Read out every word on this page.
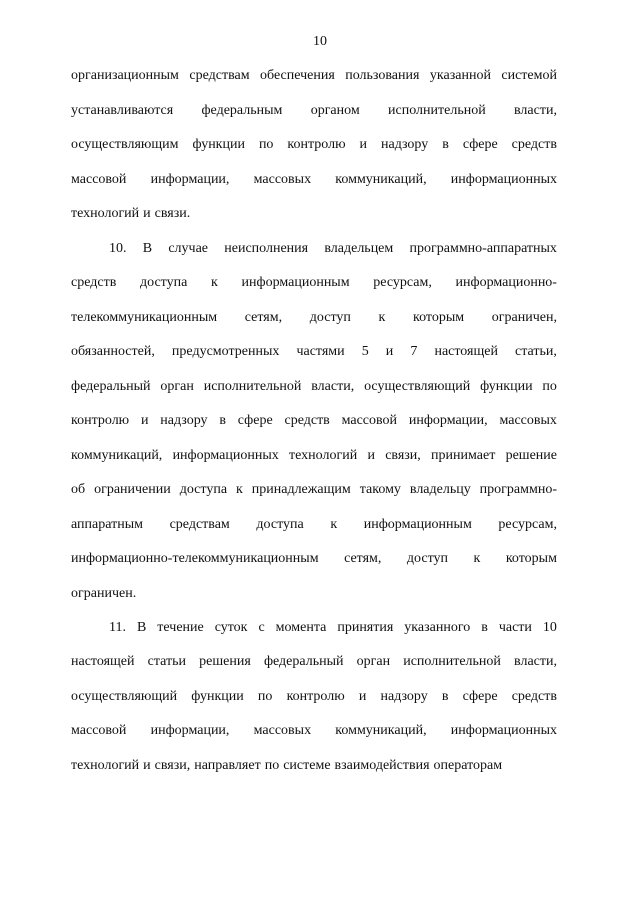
10
организационным средствам обеспечения пользования указанной системой
устанавливаются федеральным органом исполнительной власти,
осуществляющим функции по контролю и надзору в сфере средств
массовой информации, массовых коммуникаций, информационных
технологий и связи.
10. В случае неисполнения владельцем программно-аппаратных
средств доступа к информационным ресурсам, информационно-
телекоммуникационным сетям, доступ к которым ограничен,
обязанностей, предусмотренных частями 5 и 7 настоящей статьи,
федеральный орган исполнительной власти, осуществляющий функции по
контролю и надзору в сфере средств массовой информации, массовых
коммуникаций, информационных технологий и связи, принимает решение
об ограничении доступа к принадлежащим такому владельцу программно-
аппаратным средствам доступа к информационным ресурсам,
информационно-телекоммуникационным сетям, доступ к которым
ограничен.
11. В течение суток с момента принятия указанного в части 10
настоящей статьи решения федеральный орган исполнительной власти,
осуществляющий функции по контролю и надзору в сфере средств
массовой информации, массовых коммуникаций, информационных
технологий и связи, направляет по системе взаимодействия операторам
